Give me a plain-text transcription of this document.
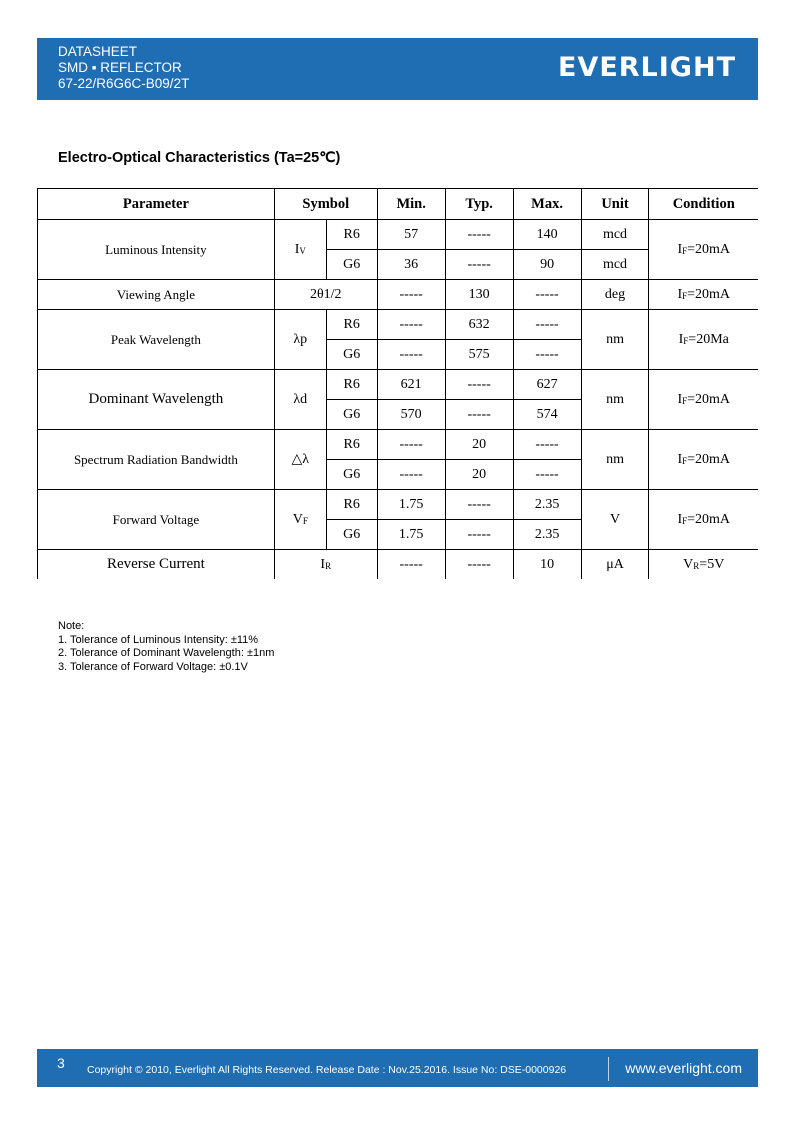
DATASHEET
SMD ▪ REFLECTOR
67-22/R6G6C-B09/2T
EVERLIGHT
Electro-Optical Characteristics (Ta=25℃)
Parameter	Symbol		Min.	Typ.	Max.	Unit	Condition
Luminous Intensity	$I_V$	R6	57	-----	140	mcd	$I_F=20mA$
		G6	36	-----	90	mcd	
Viewing Angle	2θ1/2		-----	130	-----	deg	$I_F=20mA$
Peak Wavelength	λp	R6	-----	632	-----	nm	$I_F=20Ma$
		G6	-----	575	-----		
Dominant Wavelength	λd	R6	621	-----	627	nm	$I_F=20mA$
		G6	570	-----	574		
Spectrum Radiation Bandwidth	△λ	R6	-----	20	-----	nm	$I_F=20mA$
		G6	-----	20	-----		
Forward Voltage	$V_F$	R6	1.75	-----	2.35	V	$I_F=20mA$
		G6	1.75	-----	2.35		
Reverse Current	$I_R$		-----	-----	10	μA	$V_R=5V$
Note:
1. Tolerance of Luminous Intensity: ±11%
2. Tolerance of Dominant Wavelength: ±1nm
3. Tolerance of Forward Voltage: ±0.1V
3 Copyright © 2010, Everlight All Rights Reserved. Release Date : Nov.25.2016. Issue No: DSE-0000926	www.everlight.com
